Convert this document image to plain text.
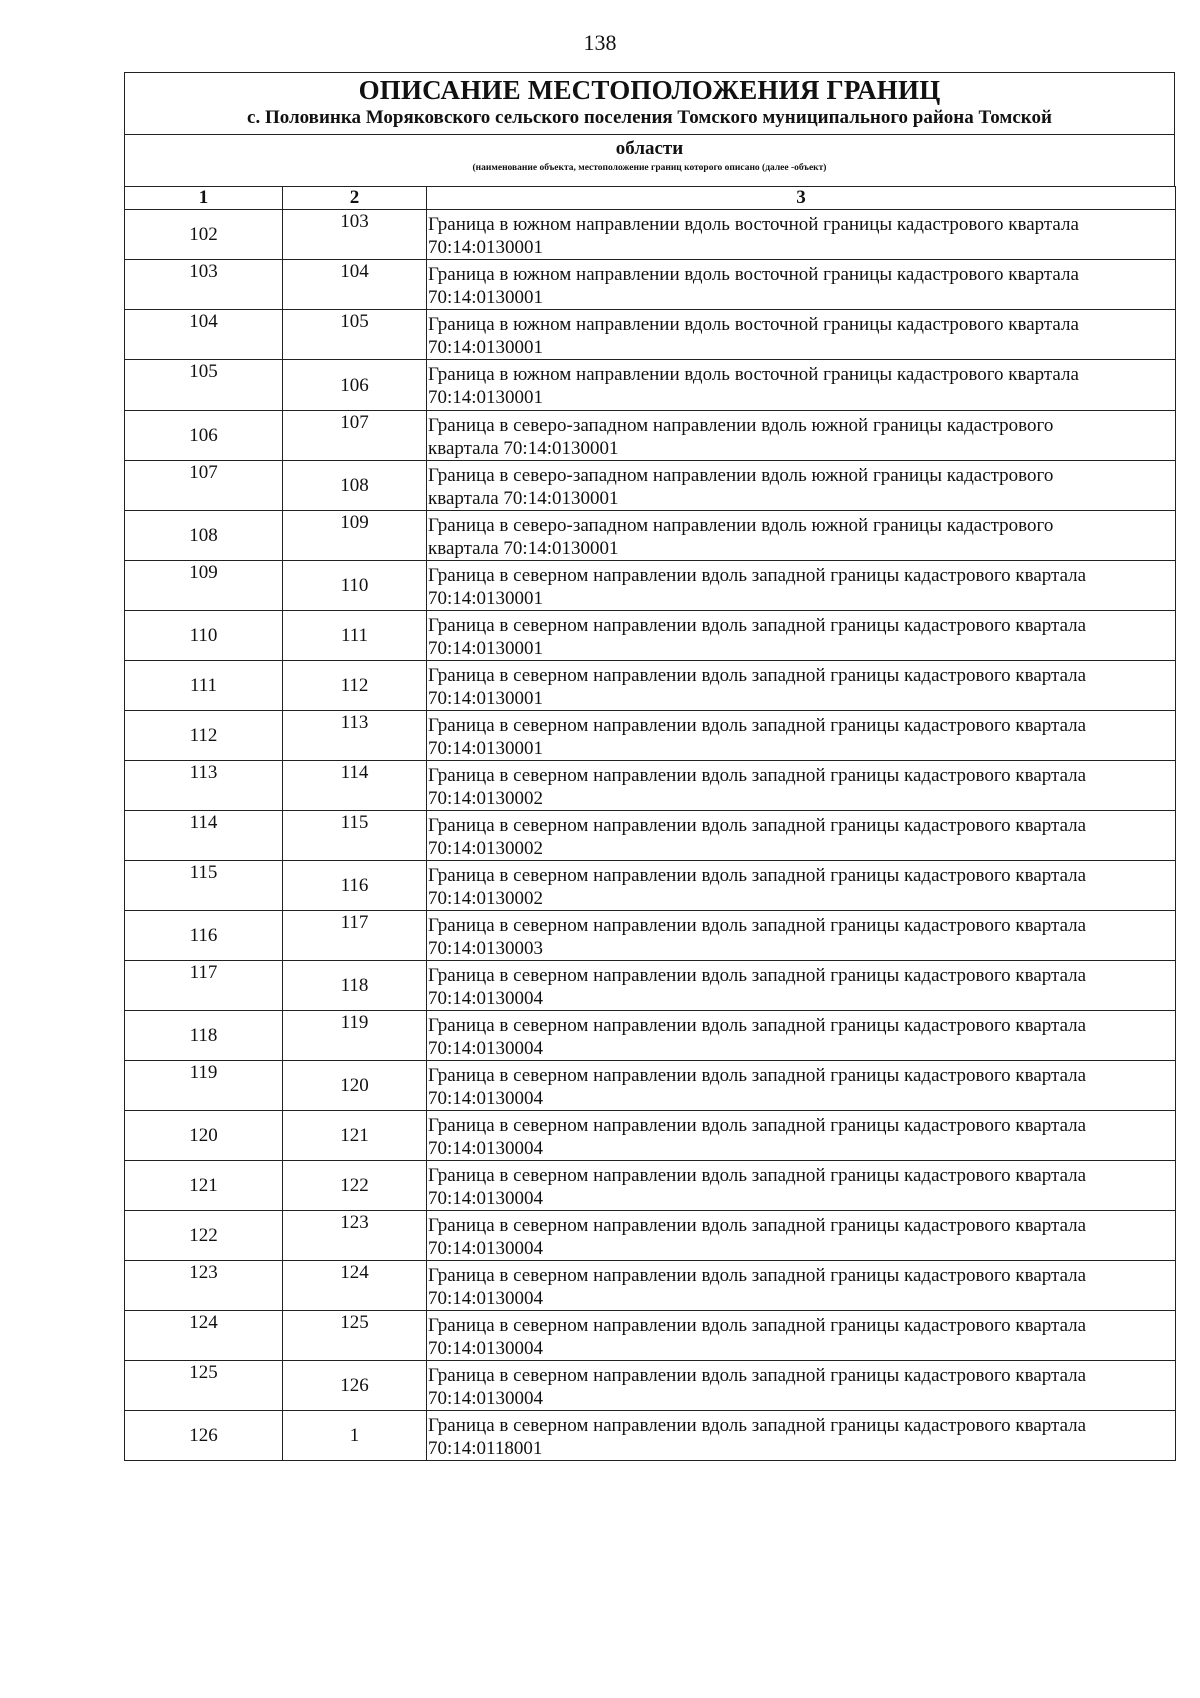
138
ОПИСАНИЕ МЕСТОПОЛОЖЕНИЯ ГРАНИЦ
с. Половинка Моряковского сельского поселения Томского муниципального района Томской
области
(наименование объекта, местоположение границ которого описано (далее -объект)
1	2	3
102	103	Граница в южном направлении вдоль восточной границы кадастрового квартала
70:14:0130001

103	104	Граница в южном направлении вдоль восточной границы кадастрового квартала
70:14:0130001

104	105	Граница в южном направлении вдоль восточной границы кадастрового квартала
70:14:0130001

105	106	Граница в южном направлении вдоль восточной границы кадастрового квартала
70:14:0130001

106	107	Граница в северо-западном направлении вдоль южной границы кадастрового
квартала 70:14:0130001

107	108	Граница в северо-западном направлении вдоль южной границы кадастрового
квартала 70:14:0130001

108	109	Граница в северо-западном направлении вдоль южной границы кадастрового
квартала 70:14:0130001

109	110	Граница в северном направлении вдоль западной границы кадастрового квартала
70:14:0130001

110	111	Граница в северном направлении вдоль западной границы кадастрового квартала
70:14:0130001

111	112	Граница в северном направлении вдоль западной границы кадастрового квартала
70:14:0130001

112	113	Граница в северном направлении вдоль западной границы кадастрового квартала
70:14:0130001

113	114	Граница в северном направлении вдоль западной границы кадастрового квартала
70:14:0130002

114	115	Граница в северном направлении вдоль западной границы кадастрового квартала
70:14:0130002

115	116	Граница в северном направлении вдоль западной границы кадастрового квартала
70:14:0130002

116	117	Граница в северном направлении вдоль западной границы кадастрового квартала
70:14:0130003

117	118	Граница в северном направлении вдоль западной границы кадастрового квартала
70:14:0130004

118	119	Граница в северном направлении вдоль западной границы кадастрового квартала
70:14:0130004

119	120	Граница в северном направлении вдоль западной границы кадастрового квартала
70:14:0130004

120	121	Граница в северном направлении вдоль западной границы кадастрового квартала
70:14:0130004

121	122	Граница в северном направлении вдоль западной границы кадастрового квартала
70:14:0130004

122	123	Граница в северном направлении вдоль западной границы кадастрового квартала
70:14:0130004

123	124	Граница в северном направлении вдоль западной границы кадастрового квартала
70:14:0130004

124	125	Граница в северном направлении вдоль западной границы кадастрового квартала
70:14:0130004

125	126	Граница в северном направлении вдоль западной границы кадастрового квартала
70:14:0130004

126	1	Граница в северном направлении вдоль западной границы кадастрового квартала
70:14:0118001
